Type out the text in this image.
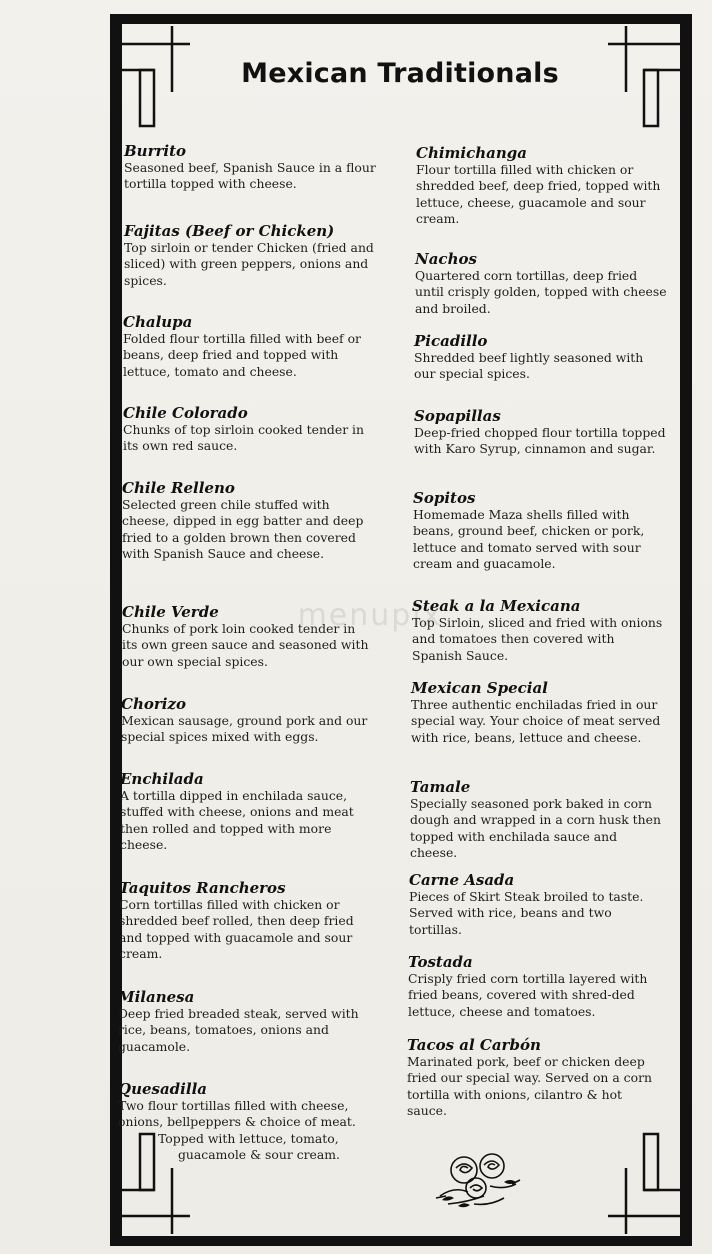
Mexican Traditionals
menupix

Burrito

Seasoned beef, Spanish Sauce in a flour tortilla topped with cheese.

Fajitas (Beef or Chicken)

Top sirloin or tender Chicken (fried and sliced) with green peppers, onions and spices.

Chalupa

Folded flour tortilla filled with beef or beans, deep fried and topped with lettuce, tomato and cheese.

Chile Colorado

Chunks of top sirloin cooked tender in its own red sauce.

Chile Relleno

Selected green chile stuffed with cheese, dipped in egg batter and deep fried to a golden brown then covered with Spanish Sauce and cheese.

Chile Verde

Chunks of pork loin cooked tender in its own green sauce and seasoned with our own special spices.

Chorizo

Mexican sausage, ground pork and our special spices mixed with eggs.

Enchilada

A tortilla dipped in enchilada sauce, stuffed with cheese, onions and meat then rolled and topped with more cheese.

Taquitos Rancheros

Corn tortillas filled with chicken or shredded beef rolled, then deep fried and topped with guacamole and sour cream.

Milanesa

Deep fried breaded steak, served with rice, beans, tomatoes, onions and guacamole.

Quesadilla

Two flour tortillas filled with cheese,
onions, bellpeppers & choice of meat.
Topped with lettuce, tomato,
guacamole & sour cream.

Chimichanga

Flour tortilla filled with chicken or shredded beef, deep fried, topped with lettuce, cheese, guacamole and sour cream.

Nachos

Quartered corn tortillas, deep fried until crisply golden, topped with cheese and broiled.

Picadillo

Shredded beef lightly seasoned with our special spices.

Sopapillas

Deep-fried chopped flour tortilla topped with Karo Syrup, cinnamon and sugar.

Sopitos

Homemade Maza shells filled with beans, ground beef, chicken or pork, lettuce and tomato served with sour cream and guacamole.

Steak a la Mexicana

Top Sirloin, sliced and fried with onions and tomatoes then covered with Spanish Sauce.

Mexican Special

Three authentic enchiladas fried in our special way. Your choice of meat served with rice, beans, lettuce and cheese.

Tamale

Specially seasoned pork baked in corn dough and wrapped in a corn husk then topped with enchilada sauce and cheese.

Carne Asada

Pieces of Skirt Steak broiled to taste. Served with rice, beans and two tortillas.

Tostada

Crisply fried corn tortilla layered with fried beans, covered with shred-ded lettuce, cheese and tomatoes.

Tacos al Carbón

Marinated pork, beef or chicken deep fried our special way. Served on a corn tortilla with onions, cilantro & hot sauce.
